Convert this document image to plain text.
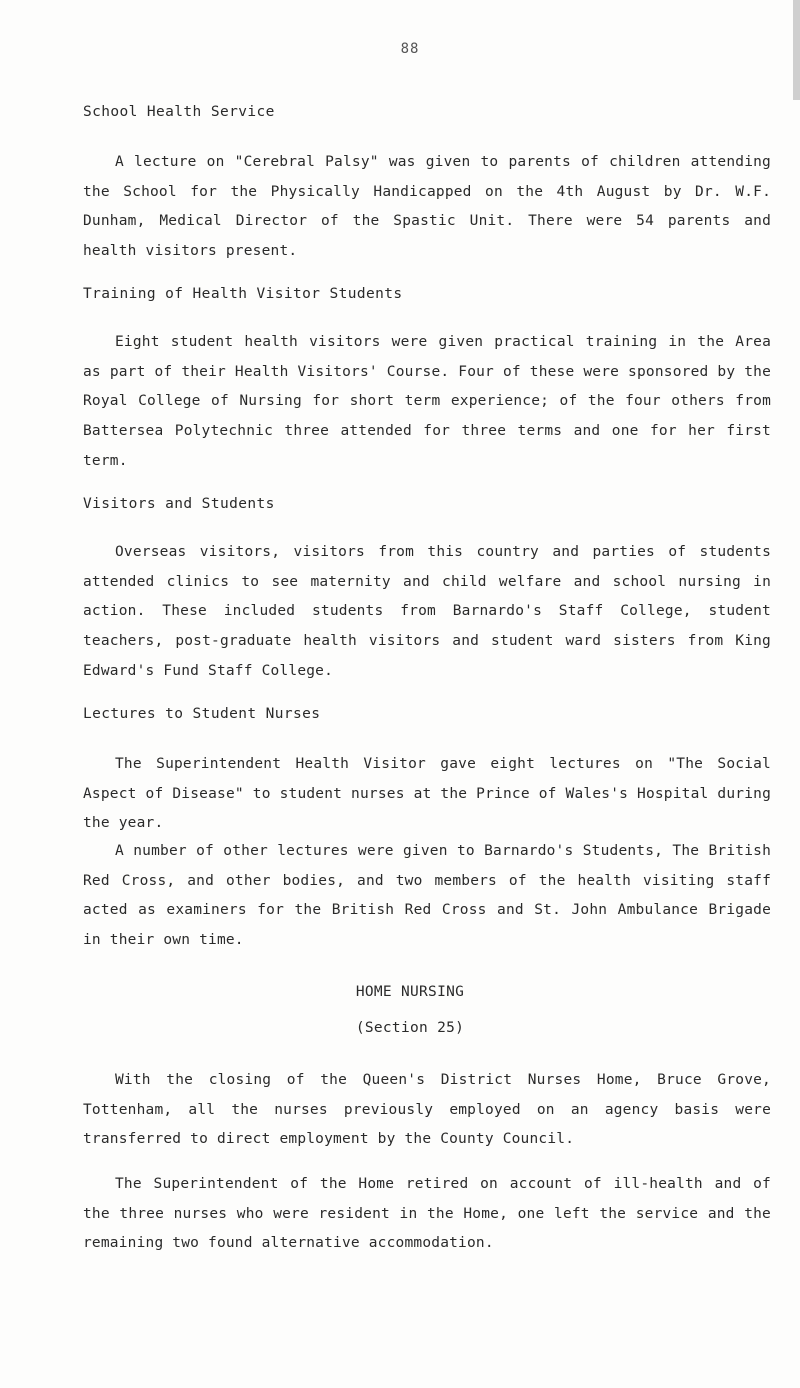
88
School Health Service

A lecture on "Cerebral Palsy" was given to parents of children attending the School for the Physically Handicapped on the 4th August by Dr. W.F. Dunham, Medical Director of the Spastic Unit. There were 54 parents and health visitors present.

Training of Health Visitor Students

Eight student health visitors were given practical training in the Area as part of their Health Visitors' Course. Four of these were sponsored by the Royal College of Nursing for short term experience; of the four others from Battersea Polytechnic three attended for three terms and one for her first term.

Visitors and Students

Overseas visitors, visitors from this country and parties of students attended clinics to see maternity and child welfare and school nursing in action. These included students from Barnardo's Staff College, student teachers, post-graduate health visitors and student ward sisters from King Edward's Fund Staff College.

Lectures to Student Nurses

The Superintendent Health Visitor gave eight lectures on "The Social Aspect of Disease" to student nurses at the Prince of Wales's Hospital during the year.

A number of other lectures were given to Barnardo's Students, The British Red Cross, and other bodies, and two members of the health visiting staff acted as examiners for the British Red Cross and St. John Ambulance Brigade in their own time.

HOME NURSING
(Section 25)

With the closing of the Queen's District Nurses Home, Bruce Grove, Tottenham, all the nurses previously employed on an agency basis were transferred to direct employment by the County Council.

The Superintendent of the Home retired on account of ill-health and of the three nurses who were resident in the Home, one left the service and the remaining two found alternative accommodation.
